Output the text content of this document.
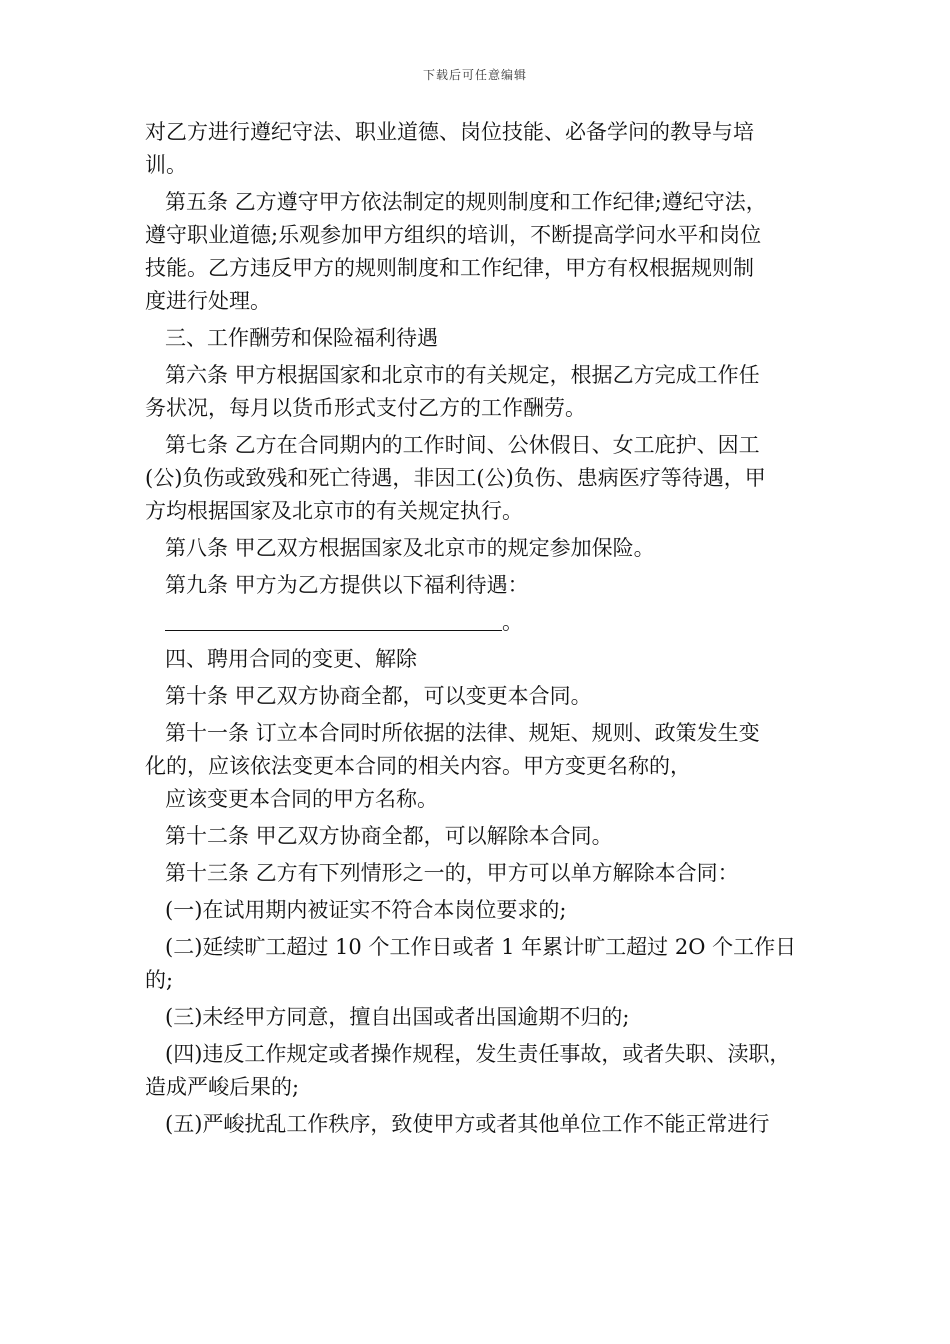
下载后可任意编辑

对乙方进行遵纪守法、职业道德、岗位技能、必备学问的教导与培

训。

第五条 乙方遵守甲方依法制定的规则制度和工作纪律;遵纪守法，

遵守职业道德;乐观参加甲方组织的培训，不断提高学问水平和岗位

技能。乙方违反甲方的规则制度和工作纪律，甲方有权根据规则制

度进行处理。

三、工作酬劳和保险福利待遇

第六条 甲方根据国家和北京市的有关规定，根据乙方完成工作任

务状况，每月以货币形式支付乙方的工作酬劳。

第七条 乙方在合同期内的工作时间、公休假日、女工庇护、因工

(公)负伤或致残和死亡待遇，非因工(公)负伤、患病医疗等待遇，甲

方均根据国家及北京市的有关规定执行。

第八条 甲乙双方根据国家及北京市的规定参加保险。

第九条 甲方为乙方提供以下福利待遇：

。

四、聘用合同的变更、解除

第十条 甲乙双方协商全都，可以变更本合同。

第十一条 订立本合同时所依据的法律、规矩、规则、政策发生变

化的，应该依法变更本合同的相关内容。甲方变更名称的，

应该变更本合同的甲方名称。

第十二条 甲乙双方协商全都，可以解除本合同。

第十三条 乙方有下列情形之一的，甲方可以单方解除本合同：

(一)在试用期内被证实不符合本岗位要求的;

(二)延续旷工超过 10 个工作日或者 1 年累计旷工超过 2O 个工作日

的;

(三)未经甲方同意，擅自出国或者出国逾期不归的;

(四)违反工作规定或者操作规程，发生责任事故，或者失职、渎职，

造成严峻后果的;

(五)严峻扰乱工作秩序，致使甲方或者其他单位工作不能正常进行
